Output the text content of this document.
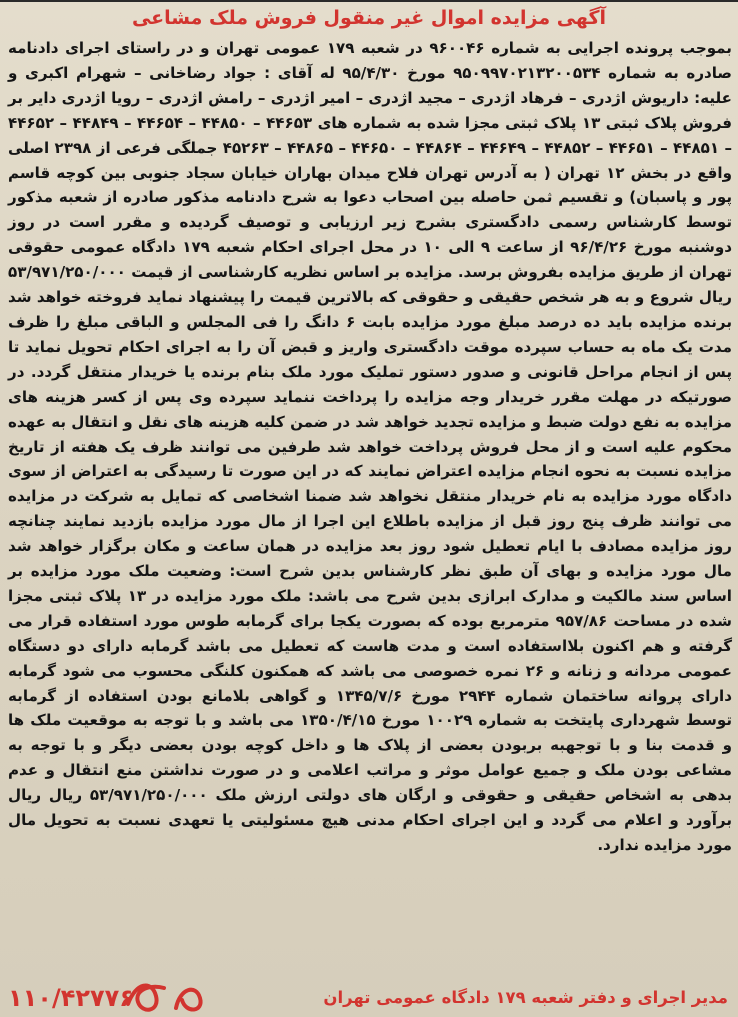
آگهی مزایده اموال غیر منقول فروش ملک مشاعی
بموجب پرونده اجرایی به شماره ۹۶۰۰۴۶ در شعبه ۱۷۹ عمومی تهران و در راستای اجرای دادنامه صادره به شماره ۹۵۰۹۹۷۰۲۱۳۲۰۰۵۳۴ مورخ ۹۵/۴/۳۰ له آقای : جواد رضاخانی – شهرام اکبری و علیه: داریوش اژدری – فرهاد اژدری – مجید اژدری – امیر اژدری – رامش اژدری – رویا اژدری دایر بر فروش پلاک ثبتی ۱۳ پلاک ثبتی مجزا شده به شماره های ۴۴۶۵۳ – ۴۴۸۵۰ – ۴۴۶۵۴ – ۴۴۸۴۹ – ۴۴۶۵۲ – ۴۴۸۵۱ – ۴۴۶۵۱ – ۴۴۸۵۲ – ۴۴۶۴۹ – ۴۴۸۶۴ – ۴۴۶۵۰ – ۴۴۸۶۵ – ۴۵۲۶۳ جملگی فرعی از ۲۳۹۸ اصلی واقع در بخش ۱۲ تهران ( به آدرس تهران فلاح میدان بهاران خیابان سجاد جنوبی بین کوچه قاسم پور و پاسبان) و تقسیم ثمن حاصله بین اصحاب دعوا به شرح دادنامه مذکور صادره از شعبه مذکور توسط کارشناس رسمی دادگستری بشرح زیر ارزیابی و توصیف گردیده و مقرر است در روز دوشنبه مورخ ۹۶/۴/۲۶ از ساعت ۹ الی ۱۰ در محل اجرای احکام شعبه ۱۷۹ دادگاه عمومی حقوقی تهران از طریق مزایده بفروش برسد. مزایده بر اساس نظریه کارشناسی از قیمت ۵۳/۹۷۱/۲۵۰/۰۰۰ ریال شروع و به هر شخص حقیقی و حقوقی که بالاترین قیمت را پیشنهاد نماید فروخته خواهد شد برنده مزایده باید ده درصد مبلغ مورد مزایده بابت ۶ دانگ را فی المجلس و الباقی مبلغ را ظرف مدت یک ماه به حساب سپرده موقت دادگستری واریز و قبض آن را به اجرای احکام تحویل نماید تا پس از انجام مراحل قانونی و صدور دستور تملیک مورد ملک بنام برنده یا خریدار منتقل گردد. در صورتیکه در مهلت مقرر خریدار وجه مزایده را پرداخت ننماید سپرده وی پس از کسر هزینه های مزایده به نفع دولت ضبط و مزایده تجدید خواهد شد در ضمن کلیه هزینه های نقل و انتقال به عهده محکوم علیه است و از محل فروش پرداخت خواهد شد طرفین می توانند ظرف یک هفته از تاریخ مزایده نسبت به نحوه انجام مزایده اعتراض نمایند که در این صورت تا رسیدگی به اعتراض از سوی دادگاه مورد مزایده به نام خریدار منتقل نخواهد شد ضمنا اشخاصی که تمایل به شرکت در مزایده می توانند ظرف پنج روز قبل از مزایده باطلاع این اجرا از مال مورد مزایده بازدید نمایند چنانچه روز مزایده مصادف با ایام تعطیل شود روز بعد مزایده در همان ساعت و مکان برگزار خواهد شد مال مورد مزایده و بهای آن طبق نظر کارشناس بدین شرح است: وضعیت ملک مورد مزایده بر اساس سند مالکیت و مدارک ابرازی بدین شرح می باشد: ملک مورد مزایده در ۱۳ پلاک ثبتی مجزا شده در مساحت ۹۵۷/۸۶ مترمربع بوده که بصورت یکجا برای گرمابه طوس مورد استفاده قرار می گرفته و هم اکنون بلااستفاده است و مدت هاست که تعطیل می باشد گرمابه دارای دو دستگاه عمومی مردانه و زنانه و ۲۶ نمره خصوصی می باشد که همکنون کلنگی محسوب می شود گرمابه دارای پروانه ساختمان شماره ۲۹۴۴ مورخ ۱۳۴۵/۷/۶ و گواهی بلامانع بودن استفاده از گرمابه توسط شهرداری پایتخت به شماره ۱۰۰۲۹ مورخ ۱۳۵۰/۴/۱۵ می باشد و با توجه به موقعیت ملک ها و قدمت بنا و با توجهبه بربودن بعضی از پلاک ها و داخل کوچه بودن بعضی دیگر و با توجه به مشاعی بودن ملک و جمیع عوامل موثر و مراتب اعلامی و در صورت نداشتن منع انتقال و عدم بدهی به اشخاص حقیقی و حقوقی و ارگان های دولتی ارزش ملک ۵۳/۹۷۱/۲۵۰/۰۰۰ ریال ریال برآورد و اعلام می گردد و این اجرای احکام مدنی هیچ مسئولیتی یا تعهدی نسبت به تحویل مال مورد مزایده ندارد.
۱۱۰/۴۲۷۷۶	مدیر اجرای و دفتر شعبه ۱۷۹ دادگاه عمومی تهران
